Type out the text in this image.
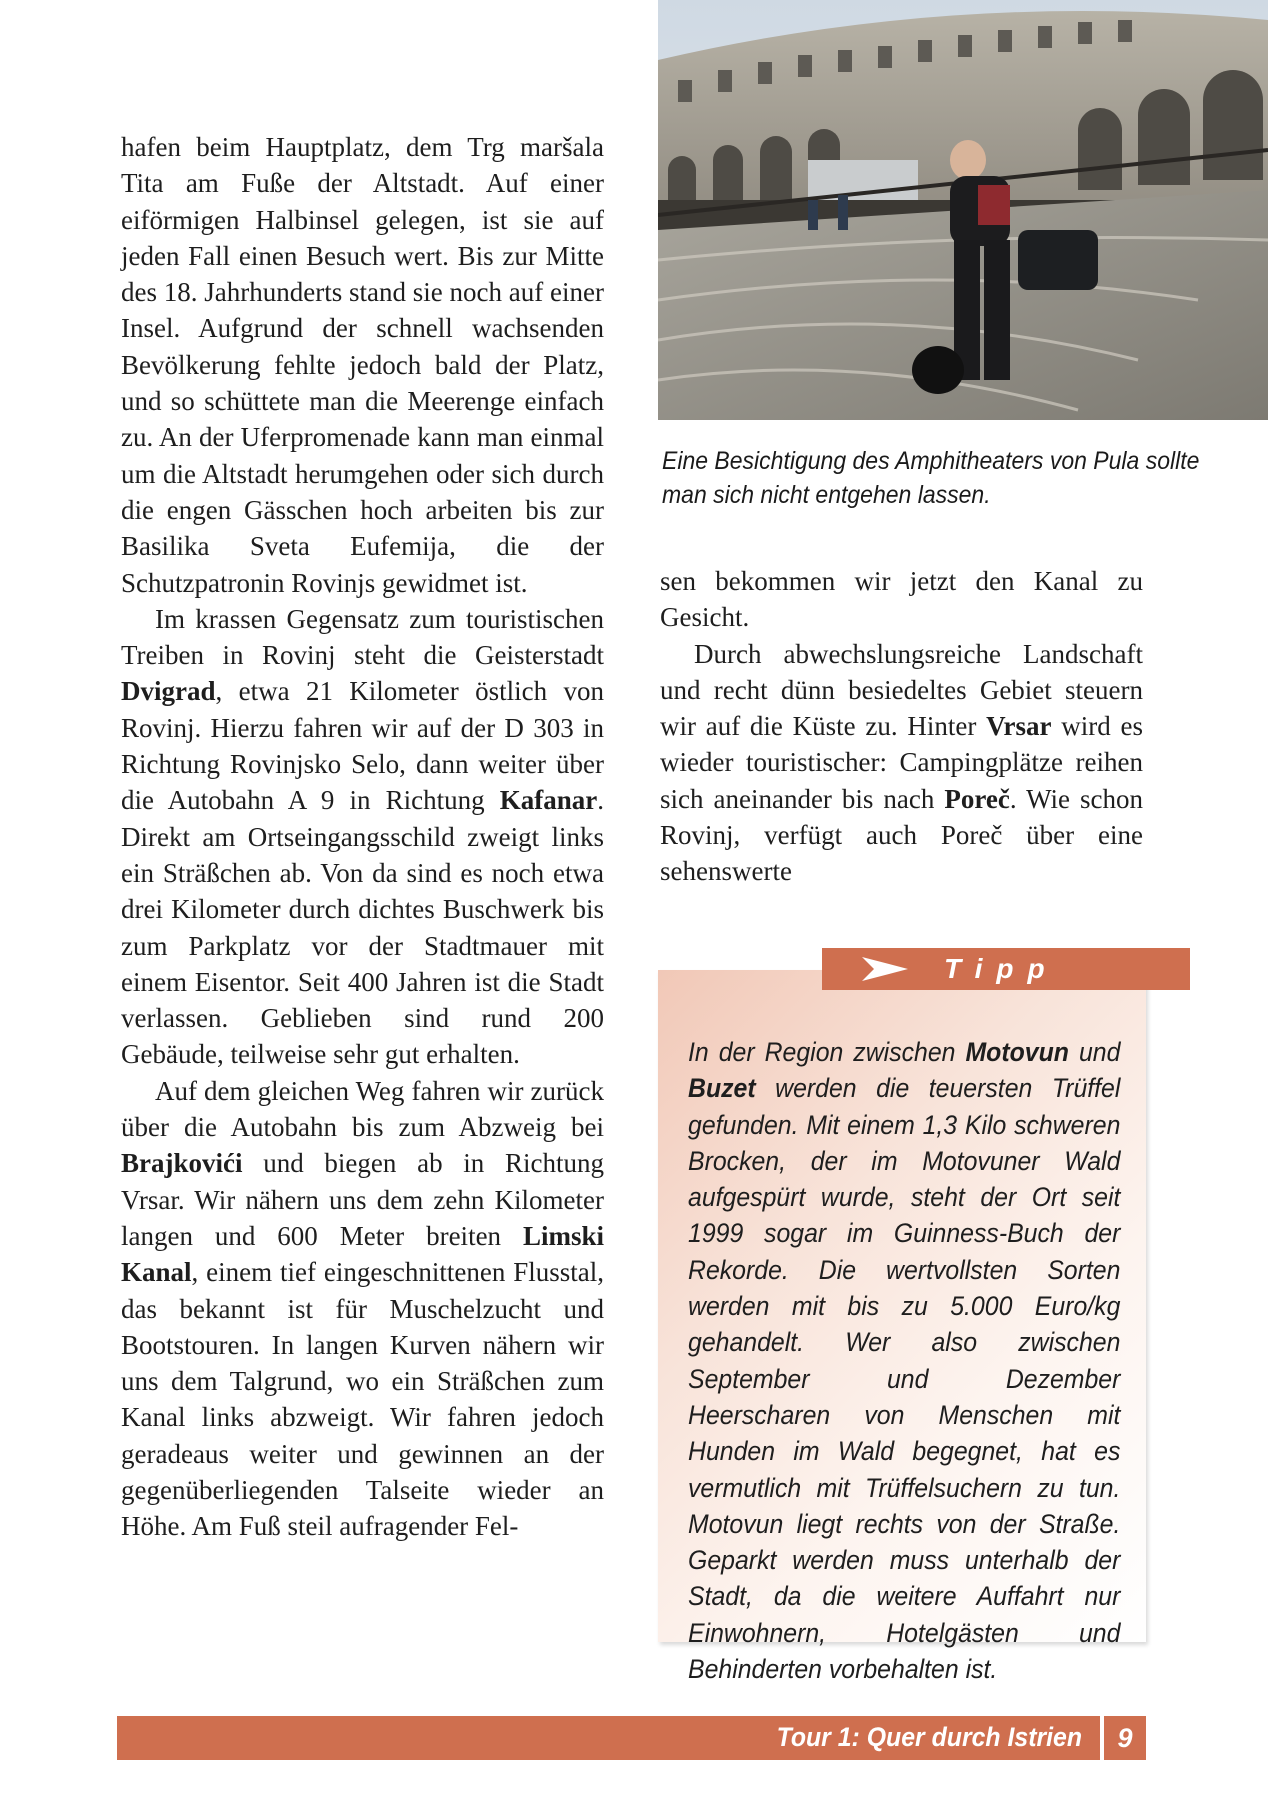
hafen beim Hauptplatz, dem Trg maršala Tita am Fuße der Altstadt. Auf einer eiförmigen Halbinsel gelegen, ist sie auf jeden Fall einen Besuch wert. Bis zur Mitte des 18. Jahrhunderts stand sie noch auf einer Insel. Aufgrund der schnell wachsenden Bevölkerung fehlte jedoch bald der Platz, und so schüttete man die Meerenge einfach zu. An der Uferpromenade kann man einmal um die Altstadt herumgehen oder sich durch die engen Gässchen hoch arbeiten bis zur Basilika Sveta Eufemija, die der Schutzpatronin Rovinjs gewidmet ist.

Im krassen Gegensatz zum touristischen Treiben in Rovinj steht die Geisterstadt Dvigrad, etwa 21 Kilometer östlich von Rovinj. Hierzu fahren wir auf der D 303 in Richtung Rovinjsko Selo, dann weiter über die Autobahn A 9 in Richtung Kafanar. Direkt am Ortseingangsschild zweigt links ein Sträßchen ab. Von da sind es noch etwa drei Kilometer durch dichtes Buschwerk bis zum Parkplatz vor der Stadtmauer mit einem Eisentor. Seit 400 Jahren ist die Stadt verlassen. Geblieben sind rund 200 Gebäude, teilweise sehr gut erhalten.

Auf dem gleichen Weg fahren wir zurück über die Autobahn bis zum Abzweig bei Brajkovići und biegen ab in Richtung Vrsar. Wir nähern uns dem zehn Kilometer langen und 600 Meter breiten Limski Kanal, einem tief eingeschnittenen Flusstal, das bekannt ist für Muschelzucht und Bootstouren. In langen Kurven nähern wir uns dem Talgrund, wo ein Sträßchen zum Kanal links abzweigt. Wir fahren jedoch geradeaus weiter und gewinnen an der gegenüberliegenden Talseite wieder an Höhe. Am Fuß steil aufragender Fel-

Eine Besichtigung des Amphitheaters von Pula sollte man sich nicht entgehen lassen.

sen bekommen wir jetzt den Kanal zu Gesicht.

Durch abwechslungsreiche Landschaft und recht dünn besiedeltes Gebiet steuern wir auf die Küste zu. Hinter Vrsar wird es wieder touristischer: Campingplätze reihen sich aneinander bis nach Poreč. Wie schon Rovinj, verfügt auch Poreč über eine sehenswerte

Tipp
In der Region zwischen Motovun und Buzet werden die teuersten Trüffel gefunden. Mit einem 1,3 Kilo schweren Brocken, der im Motovuner Wald aufgespürt wurde, steht der Ort seit 1999 sogar im Guinness-Buch der Rekorde. Die wertvollsten Sorten werden mit bis zu 5.000 Euro/kg gehandelt. Wer also zwischen September und Dezember Heerscharen von Menschen mit Hunden im Wald begegnet, hat es vermutlich mit Trüffelsuchern zu tun. Motovun liegt rechts von der Straße. Geparkt werden muss unterhalb der Stadt, da die weitere Auffahrt nur Einwohnern, Hotelgästen und Behinderten vorbehalten ist.
Tour 1: Quer durch Istrien	9
